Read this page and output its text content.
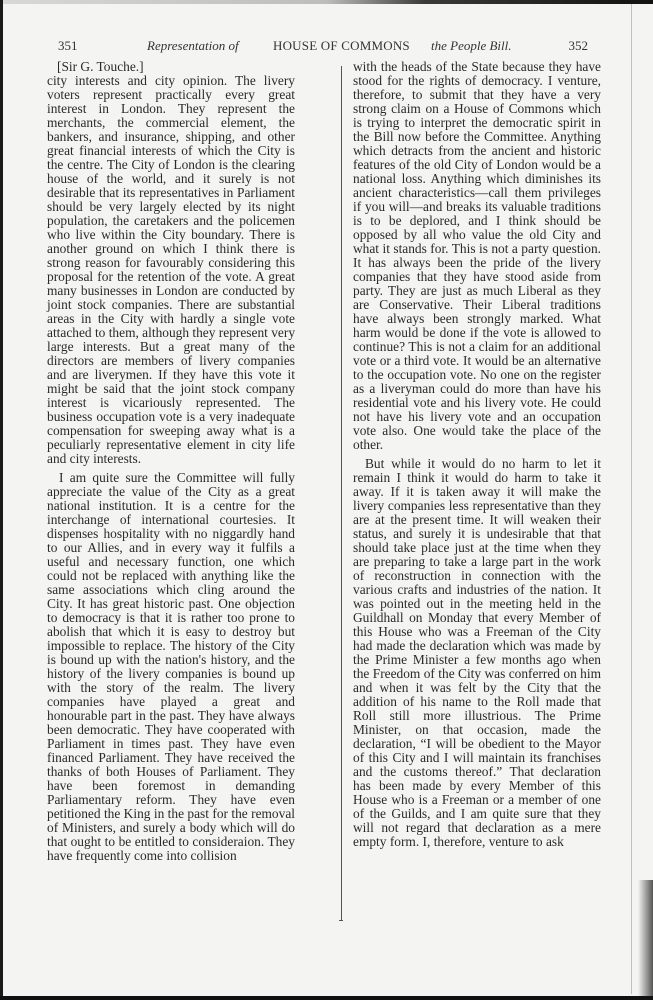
351	Representation of	HOUSE OF COMMONS the People Bill.	352
[Sir G. Touche.]

city interests and city opinion. The livery voters represent practically every great interest in London. They represent the merchants, the commercial element, the bankers, and insurance, shipping, and other great financial interests of which the City is the centre. The City of London is the clearing house of the world, and it surely is not desirable that its representatives in Parliament should be very largely elected by its night population, the caretakers and the policemen who live within the City boundary. There is another ground on which I think there is strong reason for favourably considering this proposal for the retention of the vote. A great many businesses in London are conducted by joint stock companies. There are substantial areas in the City with hardly a single vote attached to them, although they represent very large interests. But a great many of the directors are members of livery companies and are liverymen. If they have this vote it might be said that the joint stock company interest is vicariously represented. The business occupation vote is a very inadequate compensation for sweeping away what is a peculiarly representative element in city life and city interests.

I am quite sure the Committee will fully appreciate the value of the City as a great national institution. It is a centre for the interchange of international courtesies. It dispenses hospitality with no niggardly hand to our Allies, and in every way it fulfils a useful and necessary function, one which could not be replaced with anything like the same associations which cling around the City. It has great historic past. One objection to democracy is that it is rather too prone to abolish that which it is easy to destroy but impossible to replace. The history of the City is bound up with the nation's history, and the history of the livery companies is bound up with the story of the realm. The livery companies have played a great and honourable part in the past. They have always been democratic. They have cooperated with Parliament in times past. They have even financed Parliament. They have received the thanks of both Houses of Parliament. They have been foremost in demanding Parliamentary reform. They have even petitioned the King in the past for the removal of Ministers, and surely a body which will do that ought to be entitled to consideraion. They have frequently come into collision

with the heads of the State because they have stood for the rights of democracy. I venture, therefore, to submit that they have a very strong claim on a House of Commons which is trying to interpret the democratic spirit in the Bill now before the Committee. Anything which detracts from the ancient and historic features of the old City of London would be a national loss. Anything which diminishes its ancient characteristics—call them privileges if you will—and breaks its valuable traditions is to be deplored, and I think should be opposed by all who value the old City and what it stands for. This is not a party question. It has always been the pride of the livery companies that they have stood aside from party. They are just as much Liberal as they are Conservative. Their Liberal traditions have always been strongly marked. What harm would be done if the vote is allowed to continue? This is not a claim for an additional vote or a third vote. It would be an alternative to the occupation vote. No one on the register as a liveryman could do more than have his residential vote and his livery vote. He could not have his livery vote and an occupation vote also. One would take the place of the other.

But while it would do no harm to let it remain I think it would do harm to take it away. If it is taken away it will make the livery companies less representative than they are at the present time. It will weaken their status, and surely it is undesirable that that should take place just at the time when they are preparing to take a large part in the work of reconstruction in connection with the various crafts and industries of the nation. It was pointed out in the meeting held in the Guildhall on Monday that every Member of this House who was a Freeman of the City had made the declaration which was made by the Prime Minister a few months ago when the Freedom of the City was conferred on him and when it was felt by the City that the addition of his name to the Roll made that Roll still more illustrious. The Prime Minister, on that occasion, made the declaration, “I will be obedient to the Mayor of this City and I will maintain its franchises and the customs thereof.” That declaration has been made by every Member of this House who is a Freeman or a member of one of the Guilds, and I am quite sure that they will not regard that declaration as a mere empty form. I, therefore, venture to ask
